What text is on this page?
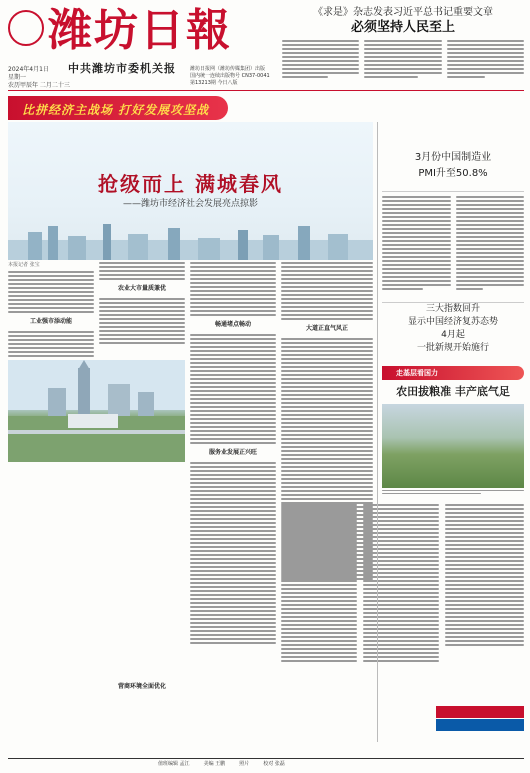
潍坊日報
中共潍坊市委机关报
2024年4月1日
星期一
农历甲辰年 二月二十三
潍坊日报网（潍坊传媒集团）出版
国内统一连续出版物号 CN37-0041
第13213期 今日八版
《求是》杂志发表习近平总书记重要文章
必须坚持人民至上
比拼经济主战场 打好发展攻坚战
抢级而上 满城春风
——潍坊市经济社会发展亮点掠影
3月份中国制造业
PMI升至50.8%
三大指数回升
显示中国经济复苏态势
4月起
一批新规开始施行
走基层看国力
农田拔粮准 丰产底气足
本报记者 张宝
工业强市添动能
农业大市量质兼优
畅通堵点畅动
服务业发展正兴旺
大道正直气风正
营商环境全面优化
值班编辑 孟江	美编 王鹏	照片	校对 张磊
